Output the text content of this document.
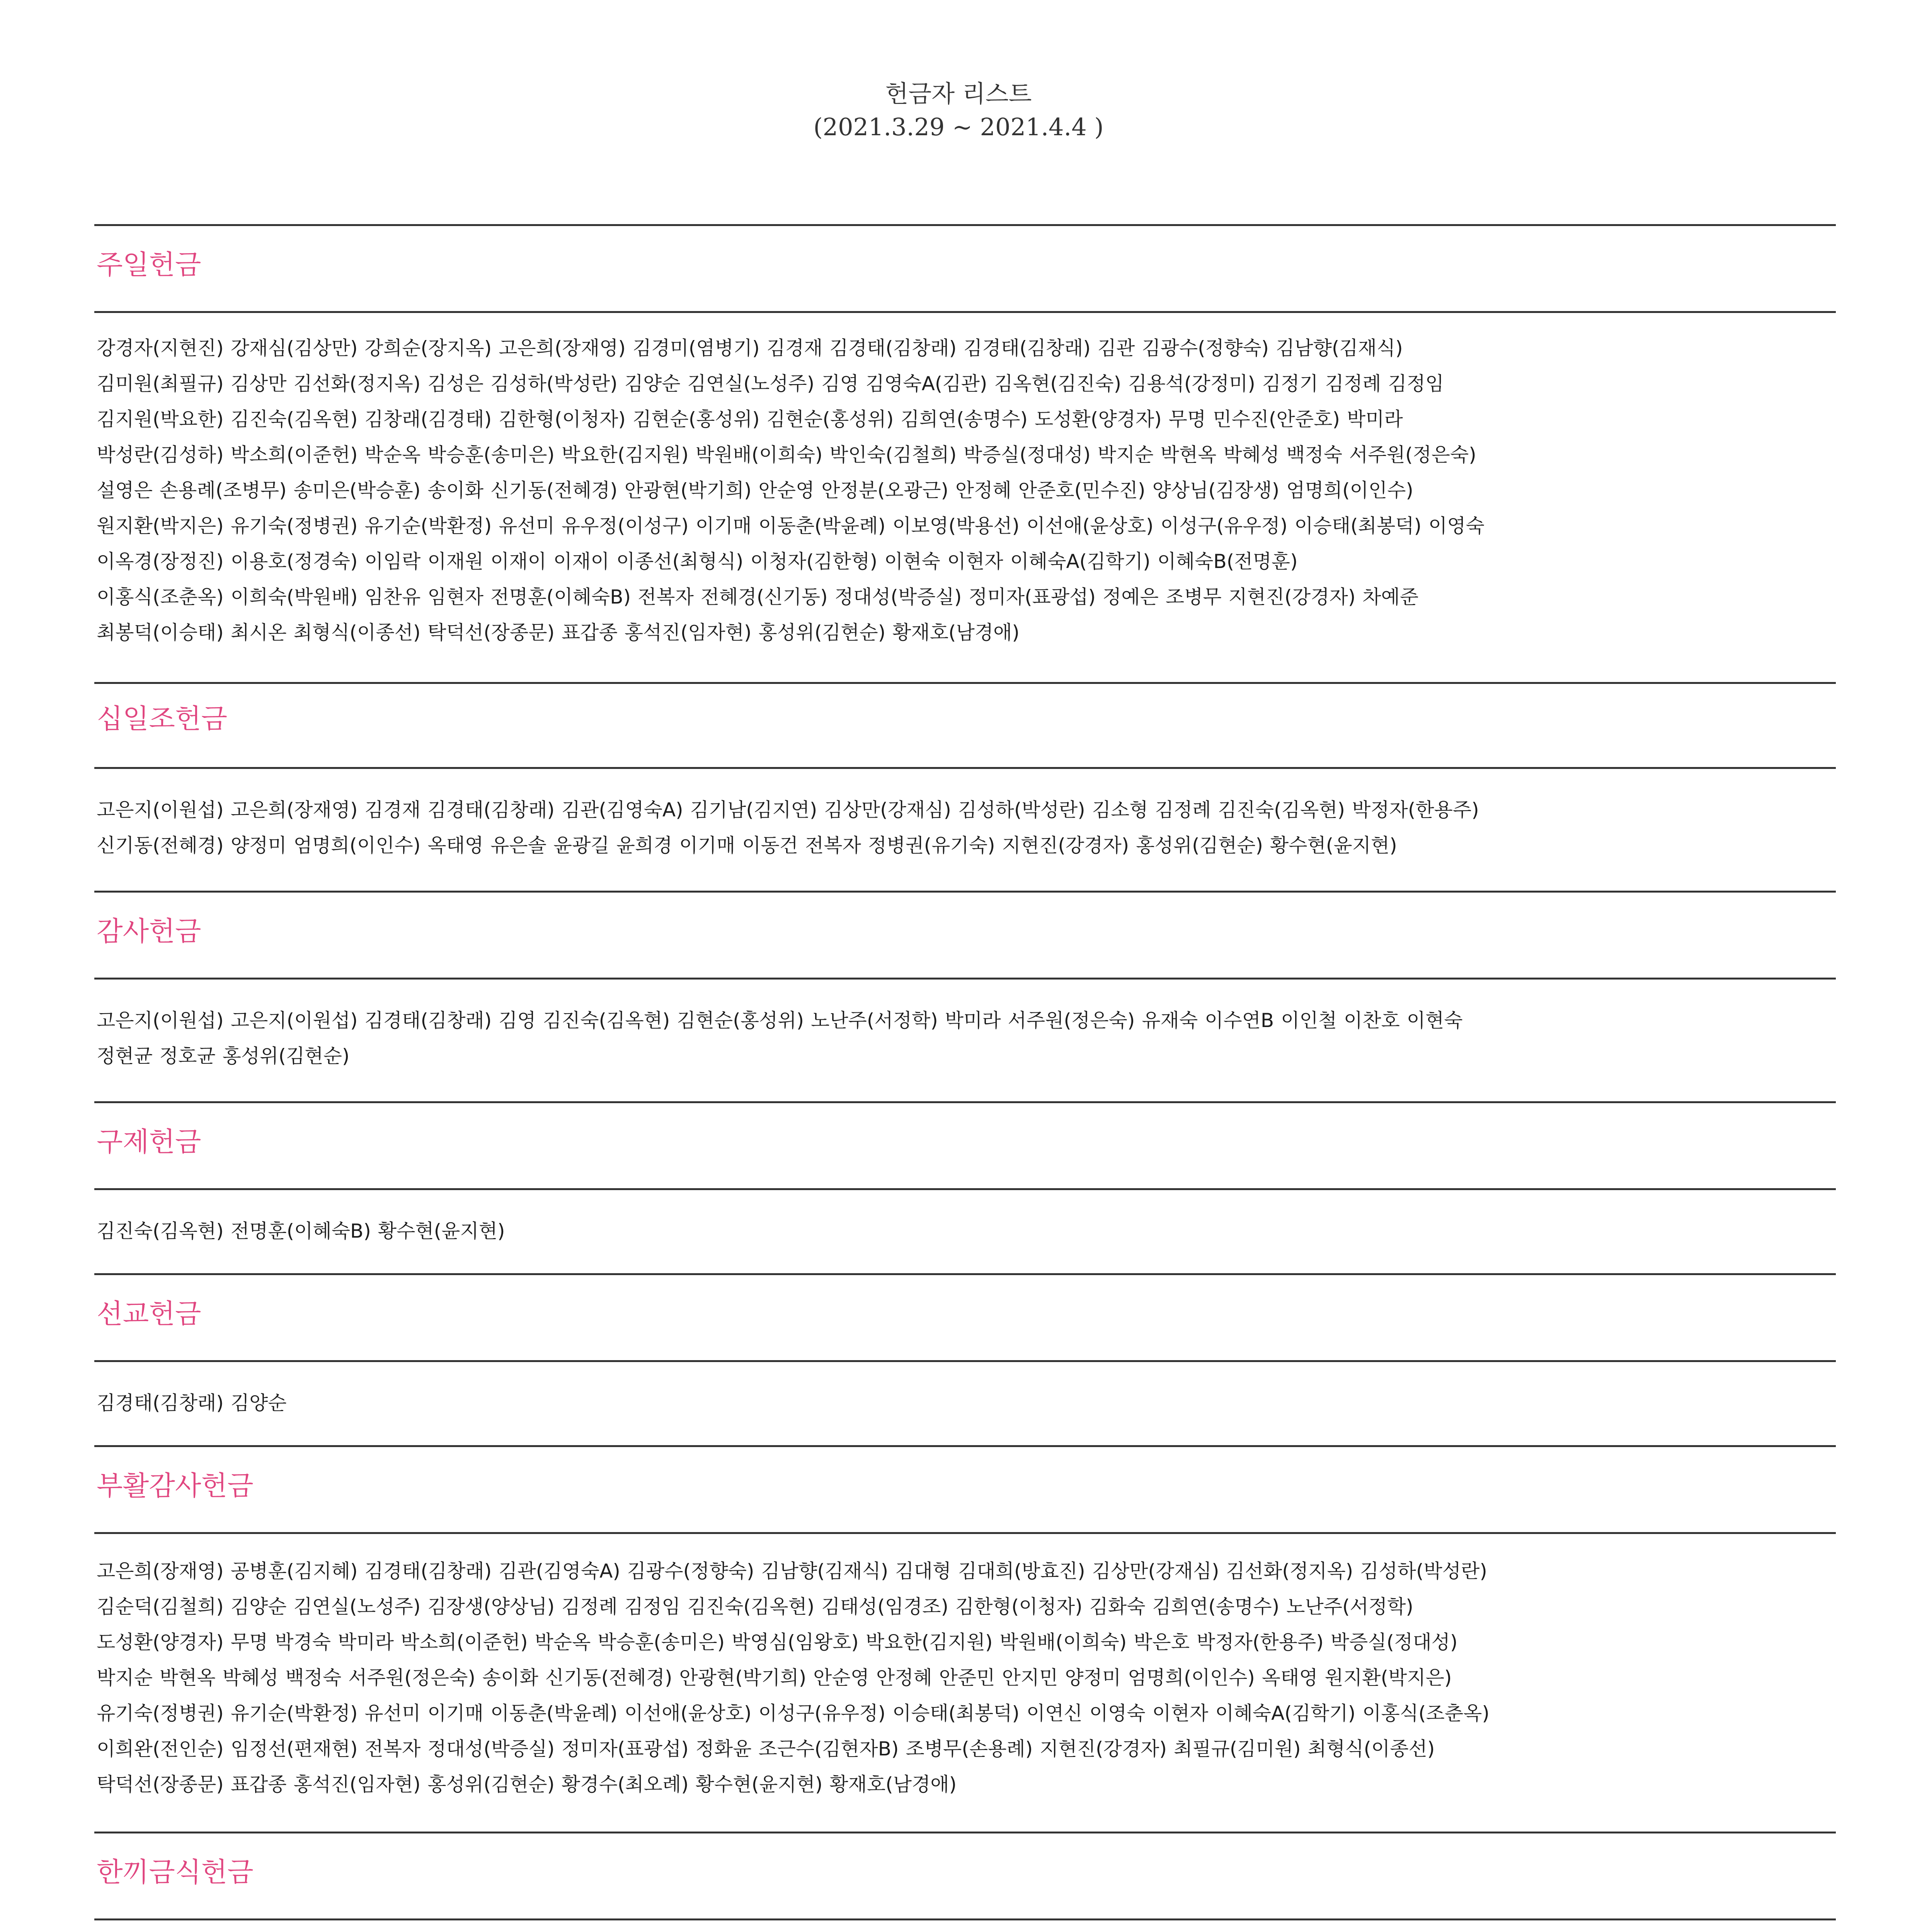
헌금자 리스트
(2021.3.29 ~ 2021.4.4 )
주일헌금
강경자(지현진) 강재심(김상만) 강희순(장지옥) 고은희(장재영) 김경미(염병기) 김경재 김경태(김창래) 김경태(김창래) 김관 김광수(정향숙) 김남향(김재식)
김미원(최필규) 김상만 김선화(정지옥) 김성은 김성하(박성란) 김양순 김연실(노성주) 김영 김영숙A(김관) 김옥현(김진숙) 김용석(강정미) 김정기 김정례 김정임
김지원(박요한) 김진숙(김옥현) 김창래(김경태) 김한형(이청자) 김현순(홍성위) 김현순(홍성위) 김희연(송명수) 도성환(양경자) 무명 민수진(안준호) 박미라
박성란(김성하) 박소희(이준헌) 박순옥 박승훈(송미은) 박요한(김지원) 박원배(이희숙) 박인숙(김철희) 박증실(정대성) 박지순 박현옥 박혜성 백정숙 서주원(정은숙)
설영은 손용례(조병무) 송미은(박승훈) 송이화 신기동(전혜경) 안광현(박기희) 안순영 안정분(오광근) 안정혜 안준호(민수진) 양상님(김장생) 엄명희(이인수)
원지환(박지은) 유기숙(정병권) 유기순(박환정) 유선미 유우정(이성구) 이기매 이동춘(박윤례) 이보영(박용선) 이선애(윤상호) 이성구(유우정) 이승태(최봉덕) 이영숙
이옥경(장정진) 이용호(정경숙) 이임락 이재원 이재이 이재이 이종선(최형식) 이청자(김한형) 이현숙 이현자 이혜숙A(김학기) 이혜숙B(전명훈)
이홍식(조춘옥) 이희숙(박원배) 임찬유 임현자 전명훈(이혜숙B) 전복자 전혜경(신기동) 정대성(박증실) 정미자(표광섭) 정예은 조병무 지현진(강경자) 차예준
최봉덕(이승태) 최시온 최형식(이종선) 탁덕선(장종문) 표갑종 홍석진(임자현) 홍성위(김현순) 황재호(남경애)
십일조헌금
고은지(이원섭) 고은희(장재영) 김경재 김경태(김창래) 김관(김영숙A) 김기남(김지연) 김상만(강재심) 김성하(박성란) 김소형 김정례 김진숙(김옥현) 박정자(한용주)
신기동(전혜경) 양정미 엄명희(이인수) 옥태영 유은솔 윤광길 윤희경 이기매 이동건 전복자 정병권(유기숙) 지현진(강경자) 홍성위(김현순) 황수현(윤지현)
감사헌금
고은지(이원섭) 고은지(이원섭) 김경태(김창래) 김영 김진숙(김옥현) 김현순(홍성위) 노난주(서정학) 박미라 서주원(정은숙) 유재숙 이수연B 이인철 이찬호 이현숙
정현균 정호균 홍성위(김현순)
구제헌금
김진숙(김옥현) 전명훈(이혜숙B) 황수현(윤지현)
선교헌금
김경태(김창래) 김양순
부활감사헌금
고은희(장재영) 공병훈(김지혜) 김경태(김창래) 김관(김영숙A) 김광수(정향숙) 김남향(김재식) 김대형 김대희(방효진) 김상만(강재심) 김선화(정지옥) 김성하(박성란)
김순덕(김철희) 김양순 김연실(노성주) 김장생(양상님) 김정례 김정임 김진숙(김옥현) 김태성(임경조) 김한형(이청자) 김화숙 김희연(송명수) 노난주(서정학)
도성환(양경자) 무명 박경숙 박미라 박소희(이준헌) 박순옥 박승훈(송미은) 박영심(임왕호) 박요한(김지원) 박원배(이희숙) 박은호 박정자(한용주) 박증실(정대성)
박지순 박현옥 박혜성 백정숙 서주원(정은숙) 송이화 신기동(전혜경) 안광현(박기희) 안순영 안정혜 안준민 안지민 양정미 엄명희(이인수) 옥태영 원지환(박지은)
유기숙(정병권) 유기순(박환정) 유선미 이기매 이동춘(박윤례) 이선애(윤상호) 이성구(유우정) 이승태(최봉덕) 이연신 이영숙 이현자 이혜숙A(김학기) 이홍식(조춘옥)
이희완(전인순) 임정선(편재현) 전복자 정대성(박증실) 정미자(표광섭) 정화윤 조근수(김현자B) 조병무(손용례) 지현진(강경자) 최필규(김미원) 최형식(이종선)
탁덕선(장종문) 표갑종 홍석진(임자현) 홍성위(김현순) 황경수(최오례) 황수현(윤지현) 황재호(남경애)
한끼금식헌금
